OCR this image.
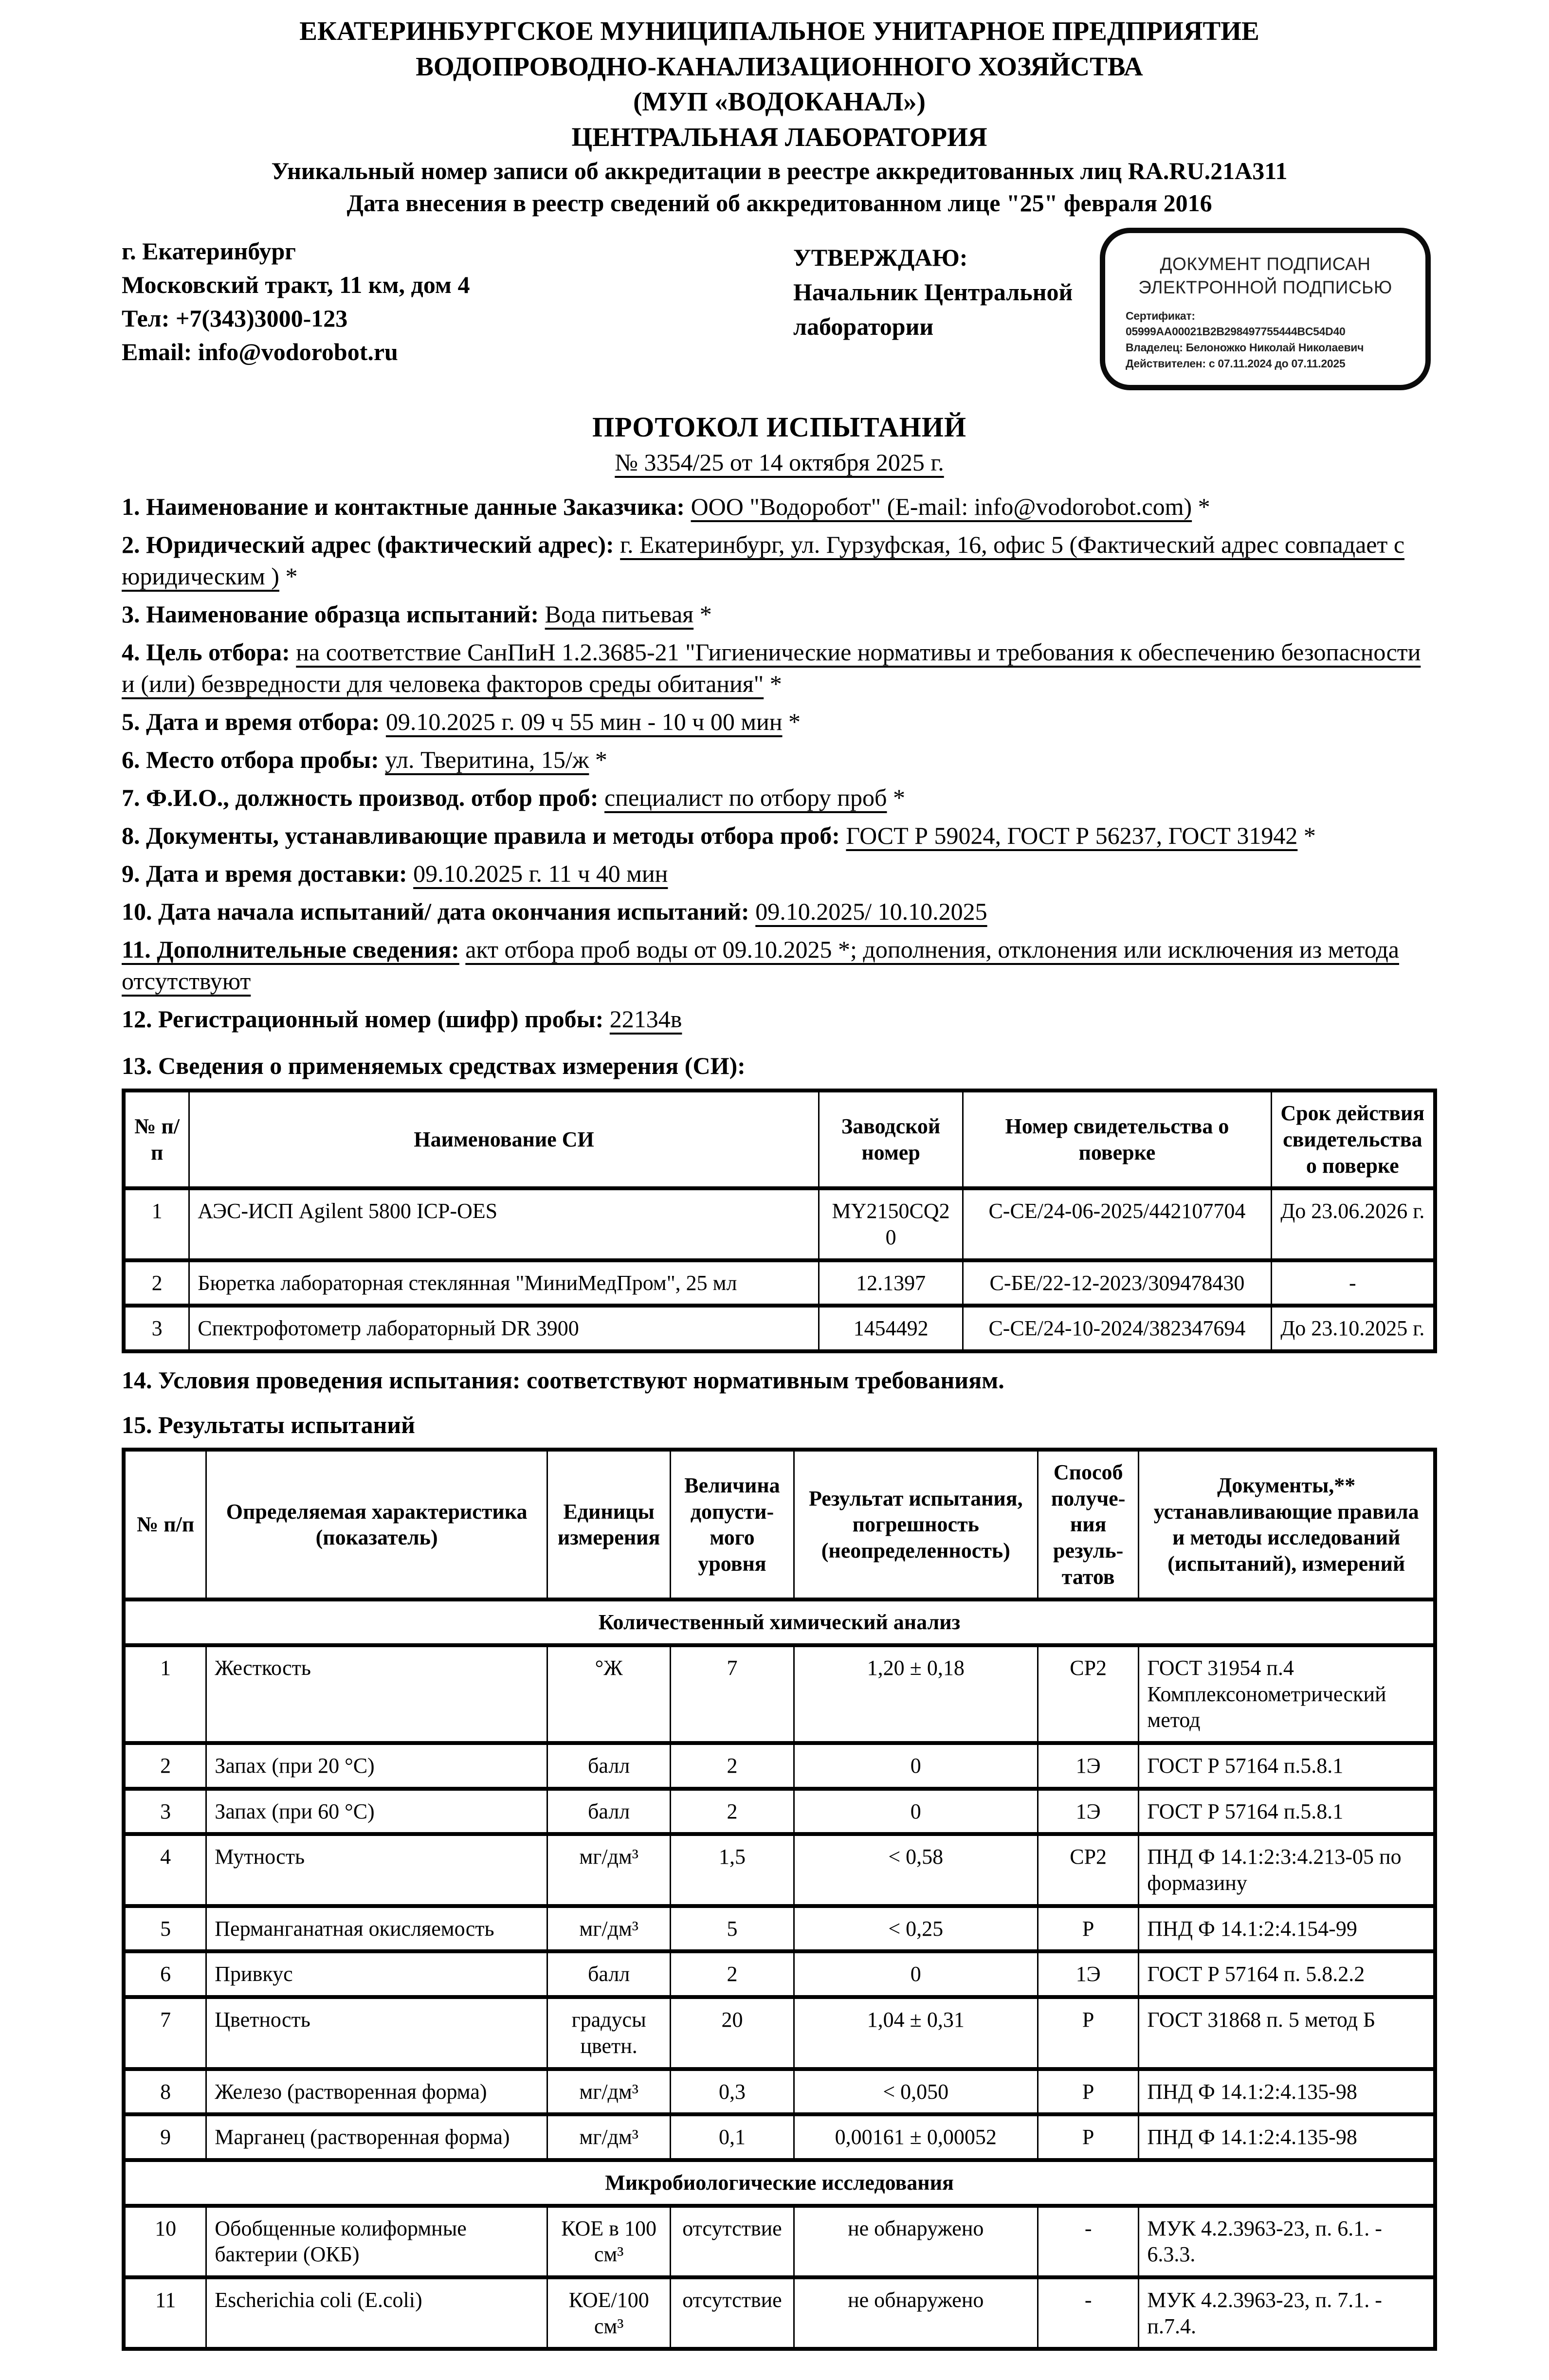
ЕКАТЕРИНБУРГСКОЕ МУНИЦИПАЛЬНОЕ УНИТАРНОЕ ПРЕДПРИЯТИЕ
ВОДОПРОВОДНО-КАНАЛИЗАЦИОННОГО ХОЗЯЙСТВА
(МУП «ВОДОКАНАЛ»)
ЦЕНТРАЛЬНАЯ ЛАБОРАТОРИЯ
Уникальный номер записи об аккредитации в реестре аккредитованных лиц RA.RU.21А311
Дата внесения в реестр сведений об аккредитованном лице "25" февраля 2016
г. Екатеринбург
Московский тракт, 11 км, дом 4
Тел: +7(343)3000-123
Email: info@vodorobot.ru
УТВЕРЖДАЮ:
Начальник Центральной
лаборатории
ДОКУМЕНТ ПОДПИСАН
ЭЛЕКТРОННОЙ ПОДПИСЬЮ
Сертификат: 05999AA00021B2B298497755444BC54D40
Владелец: Белоножко Николай Николаевич
Действителен: с 07.11.2024 до 07.11.2025
ПРОТОКОЛ ИСПЫТАНИЙ
№ 3354/25 от 14 октября 2025 г.

1. Наименование и контактные данные Заказчика: ООО "Водоробот" (E-mail: info@vodorobot.com) *

2. Юридический адрес (фактический адрес): г. Екатеринбург, ул. Гурзуфская, 16, офис 5 (Фактический адрес совпадает с юридическим ) *

3. Наименование образца испытаний: Вода питьевая *

4. Цель отбора: на соответствие СанПиН 1.2.3685-21 "Гигиенические нормативы и требования к обеспечению безопасности и (или) безвредности для человека факторов среды обитания" *

5. Дата и время отбора: 09.10.2025 г. 09 ч 55 мин - 10 ч 00 мин *

6. Место отбора пробы: ул. Тверитина, 15/ж *

7. Ф.И.О., должность производ. отбор проб: специалист по отбору проб *

8. Документы, устанавливающие правила и методы отбора проб: ГОСТ Р 59024, ГОСТ Р 56237, ГОСТ 31942 *

9. Дата и время доставки: 09.10.2025 г. 11 ч 40 мин

10. Дата начала испытаний/ дата окончания испытаний: 09.10.2025/ 10.10.2025

11. Дополнительные сведения: акт отбора проб воды от 09.10.2025 *; дополнения, отклонения или исключения из метода отсутствуют

12. Регистрационный номер (шифр) пробы: 22134в

13. Сведения о применяемых средствах измерения (СИ):
№ п/п	Наименование СИ	Заводской номер	Номер свидетельства о поверке	Срок действия свидетельства о поверке
1	АЭС-ИСП Agilent 5800 ICP-OES	MY2150CQ20	С-СЕ/24-06-2025/442107704	До 23.06.2026 г.
2	Бюретка лабораторная стеклянная "МиниМедПром", 25 мл	12.1397	С-БЕ/22-12-2023/309478430	-
3	Спектрофотометр лабораторный DR 3900	1454492	С-СЕ/24-10-2024/382347694	До 23.10.2025 г.
14. Условия проведения испытания: соответствуют нормативным требованиям.
15. Результаты испытаний
№ п/п	Определяемая характеристика (показатель)	Единицы измерения	Величина допусти- мого уровня	Результат испытания, погрешность (неопределенность)	Способ получе- ния резуль- татов	Документы,** устанавливающие правила и методы исследований (испытаний), измерений
Количественный химический анализ						
1	Жесткость	°Ж	7	1,20 ± 0,18	СР2	ГОСТ 31954 п.4 Комплексонометрический метод
2	Запах (при 20 °С)	балл	2	0	1Э	ГОСТ Р 57164 п.5.8.1
3	Запах (при 60 °С)	балл	2	0	1Э	ГОСТ Р 57164 п.5.8.1
4	Мутность	мг/дм³	1,5	< 0,58	СР2	ПНД Ф 14.1:2:3:4.213-05 по формазину
5	Перманганатная окисляемость	мг/дм³	5	< 0,25	Р	ПНД Ф 14.1:2:4.154-99
6	Привкус	балл	2	0	1Э	ГОСТ Р 57164 п. 5.8.2.2
7	Цветность	градусы цветн.	20	1,04 ± 0,31	Р	ГОСТ 31868 п. 5 метод Б
8	Железо (растворенная форма)	мг/дм³	0,3	< 0,050	Р	ПНД Ф 14.1:2:4.135-98
9	Марганец (растворенная форма)	мг/дм³	0,1	0,00161 ± 0,00052	Р	ПНД Ф 14.1:2:4.135-98
Микробиологические исследования						
10	Обобщенные колиформные бактерии (ОКБ)	КОЕ в 100 см³	отсутствие	не обнаружено	-	МУК 4.2.3963-23, п. 6.1. - 6.3.3.
11	Escherichia coli (E.coli)	КОЕ/100 см³	отсутствие	не обнаружено	-	МУК 4.2.3963-23, п. 7.1. - п.7.4.
